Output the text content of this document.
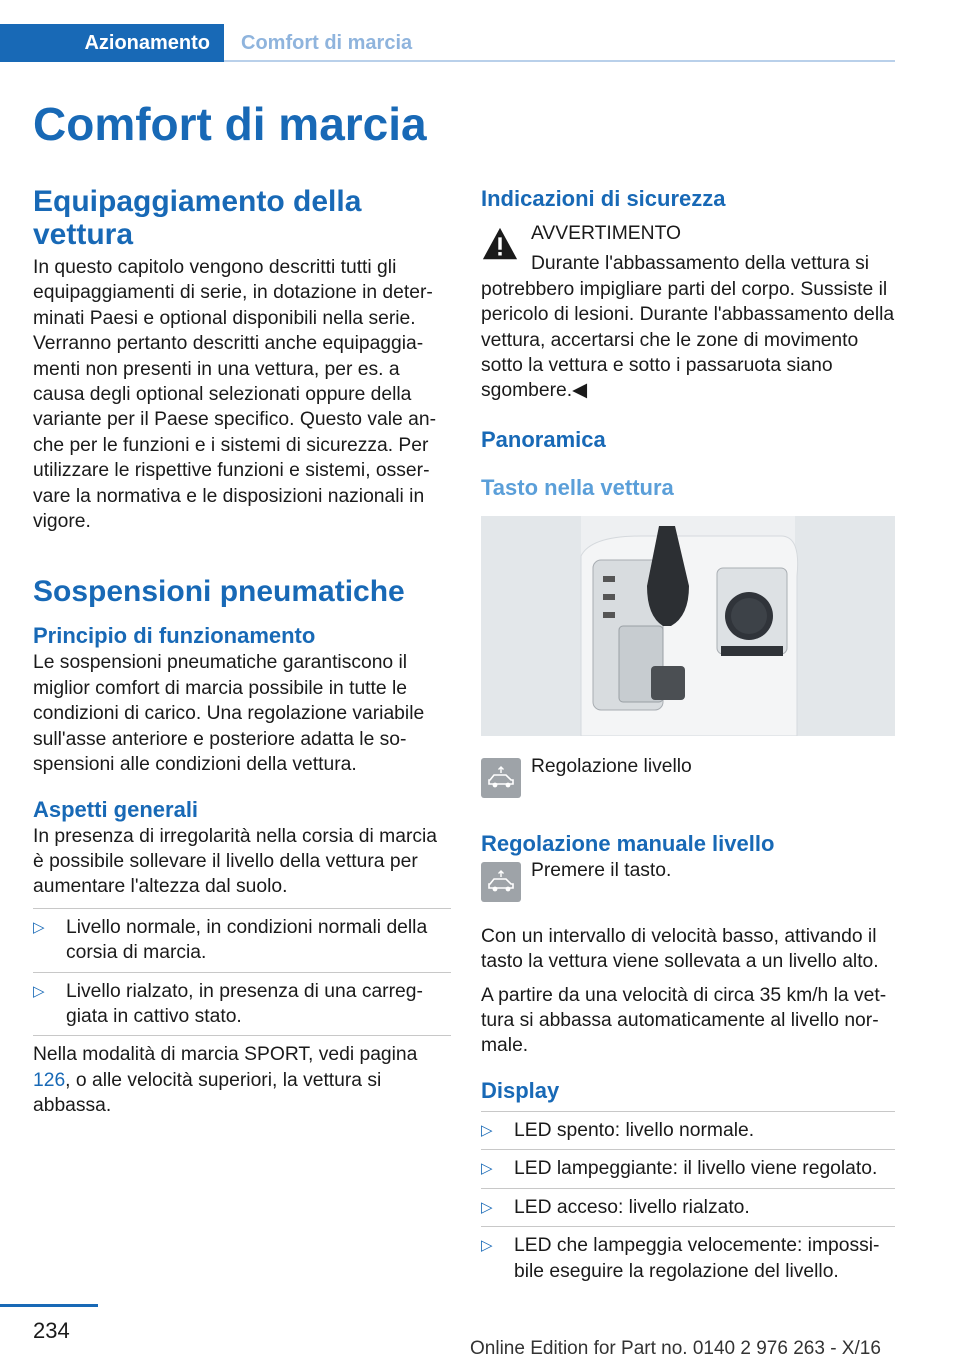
Azionamento	Comfort di marcia
Comfort di marcia
Equipaggiamento della vettura

In questo capitolo vengono descritti tutti gli equipaggiamenti di serie, in dotazione in determinati Paesi e optional disponibili nella serie. Verranno pertanto descritti anche equipaggiamenti non presenti in una vettura, per es. a causa degli optional selezionati oppure della variante per il Paese specifico. Questo vale anche per le funzioni e i sistemi di sicurezza. Per utilizzare le rispettive funzioni e sistemi, osservare la normativa e le disposizioni nazionali in vigore.

Sospensioni pneumatiche
Principio di funzionamento

Le sospensioni pneumatiche garantiscono il miglior comfort di marcia possibile in tutte le condizioni di carico. Una regolazione variabile sull'asse anteriore e posteriore adatta le sospensioni alle condizioni della vettura.

Aspetti generali

In presenza di irregolarità nella corsia di marcia è possibile sollevare il livello della vettura per aumentare l'altezza dal suolo.

▷ Livello normale, in condizioni normali della corsia di marcia.
▷ Livello rialzato, in presenza di una carreggiata in cattivo stato.

Nella modalità di marcia SPORT, vedi pagina 126, o alle velocità superiori, la vettura si abbassa.

Indicazioni di sicurezza
AVVERTIMENTO
Durante l'abbassamento della vettura si

potrebbero impigliare parti del corpo. Sussiste il pericolo di lesioni. Durante l'abbassamento della vettura, accertarsi che le zone di movimento sotto la vettura e sotto i passaruota siano sgombere.◀

Panoramica
Tasto nella vettura
Regolazione livello
Regolazione manuale livello
Premere il tasto.

Con un intervallo di velocità basso, attivando il tasto la vettura viene sollevata a un livello alto.

A partire da una velocità di circa 35 km/h la vettura si abbassa automaticamente al livello normale.

Display
▷ LED spento: livello normale.
▷ LED lampeggiante: il livello viene regolato.
▷ LED acceso: livello rialzato.
▷ LED che lampeggia velocemente: impossibile eseguire la regolazione del livello.
234
Online Edition for Part no. 0140 2 976 263 - X/16
